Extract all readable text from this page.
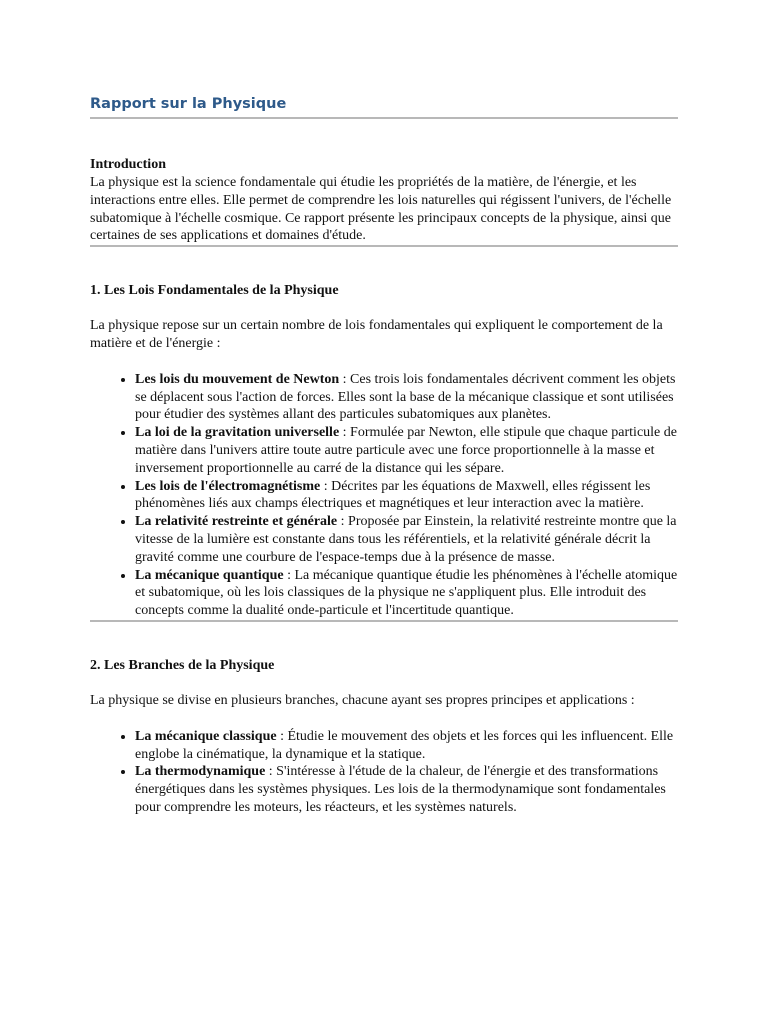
Rapport sur la Physique
Introduction

La physique est la science fondamentale qui étudie les propriétés de la matière, de l'énergie, et les interactions entre elles. Elle permet de comprendre les lois naturelles qui régissent l'univers, de l'échelle subatomique à l'échelle cosmique. Ce rapport présente les principaux concepts de la physique, ainsi que certaines de ses applications et domaines d'étude.

1. Les Lois Fondamentales de la Physique

La physique repose sur un certain nombre de lois fondamentales qui expliquent le comportement de la matière et de l'énergie :

• Les lois du mouvement de Newton : Ces trois lois fondamentales décrivent comment les objets se déplacent sous l'action de forces. Elles sont la base de la mécanique classique et sont utilisées pour étudier des systèmes allant des particules subatomiques aux planètes.
• La loi de la gravitation universelle : Formulée par Newton, elle stipule que chaque particule de matière dans l'univers attire toute autre particule avec une force proportionnelle à la masse et inversement proportionnelle au carré de la distance qui les sépare.
• Les lois de l'électromagnétisme : Décrites par les équations de Maxwell, elles régissent les phénomènes liés aux champs électriques et magnétiques et leur interaction avec la matière.
• La relativité restreinte et générale : Proposée par Einstein, la relativité restreinte montre que la vitesse de la lumière est constante dans tous les référentiels, et la relativité générale décrit la gravité comme une courbure de l'espace-temps due à la présence de masse.
• La mécanique quantique : La mécanique quantique étudie les phénomènes à l'échelle atomique et subatomique, où les lois classiques de la physique ne s'appliquent plus. Elle introduit des concepts comme la dualité onde-particule et l'incertitude quantique.
2. Les Branches de la Physique

La physique se divise en plusieurs branches, chacune ayant ses propres principes et applications :

• La mécanique classique : Étudie le mouvement des objets et les forces qui les influencent. Elle englobe la cinématique, la dynamique et la statique.
• La thermodynamique : S'intéresse à l'étude de la chaleur, de l'énergie et des transformations énergétiques dans les systèmes physiques. Les lois de la thermodynamique sont fondamentales pour comprendre les moteurs, les réacteurs, et les systèmes naturels.
